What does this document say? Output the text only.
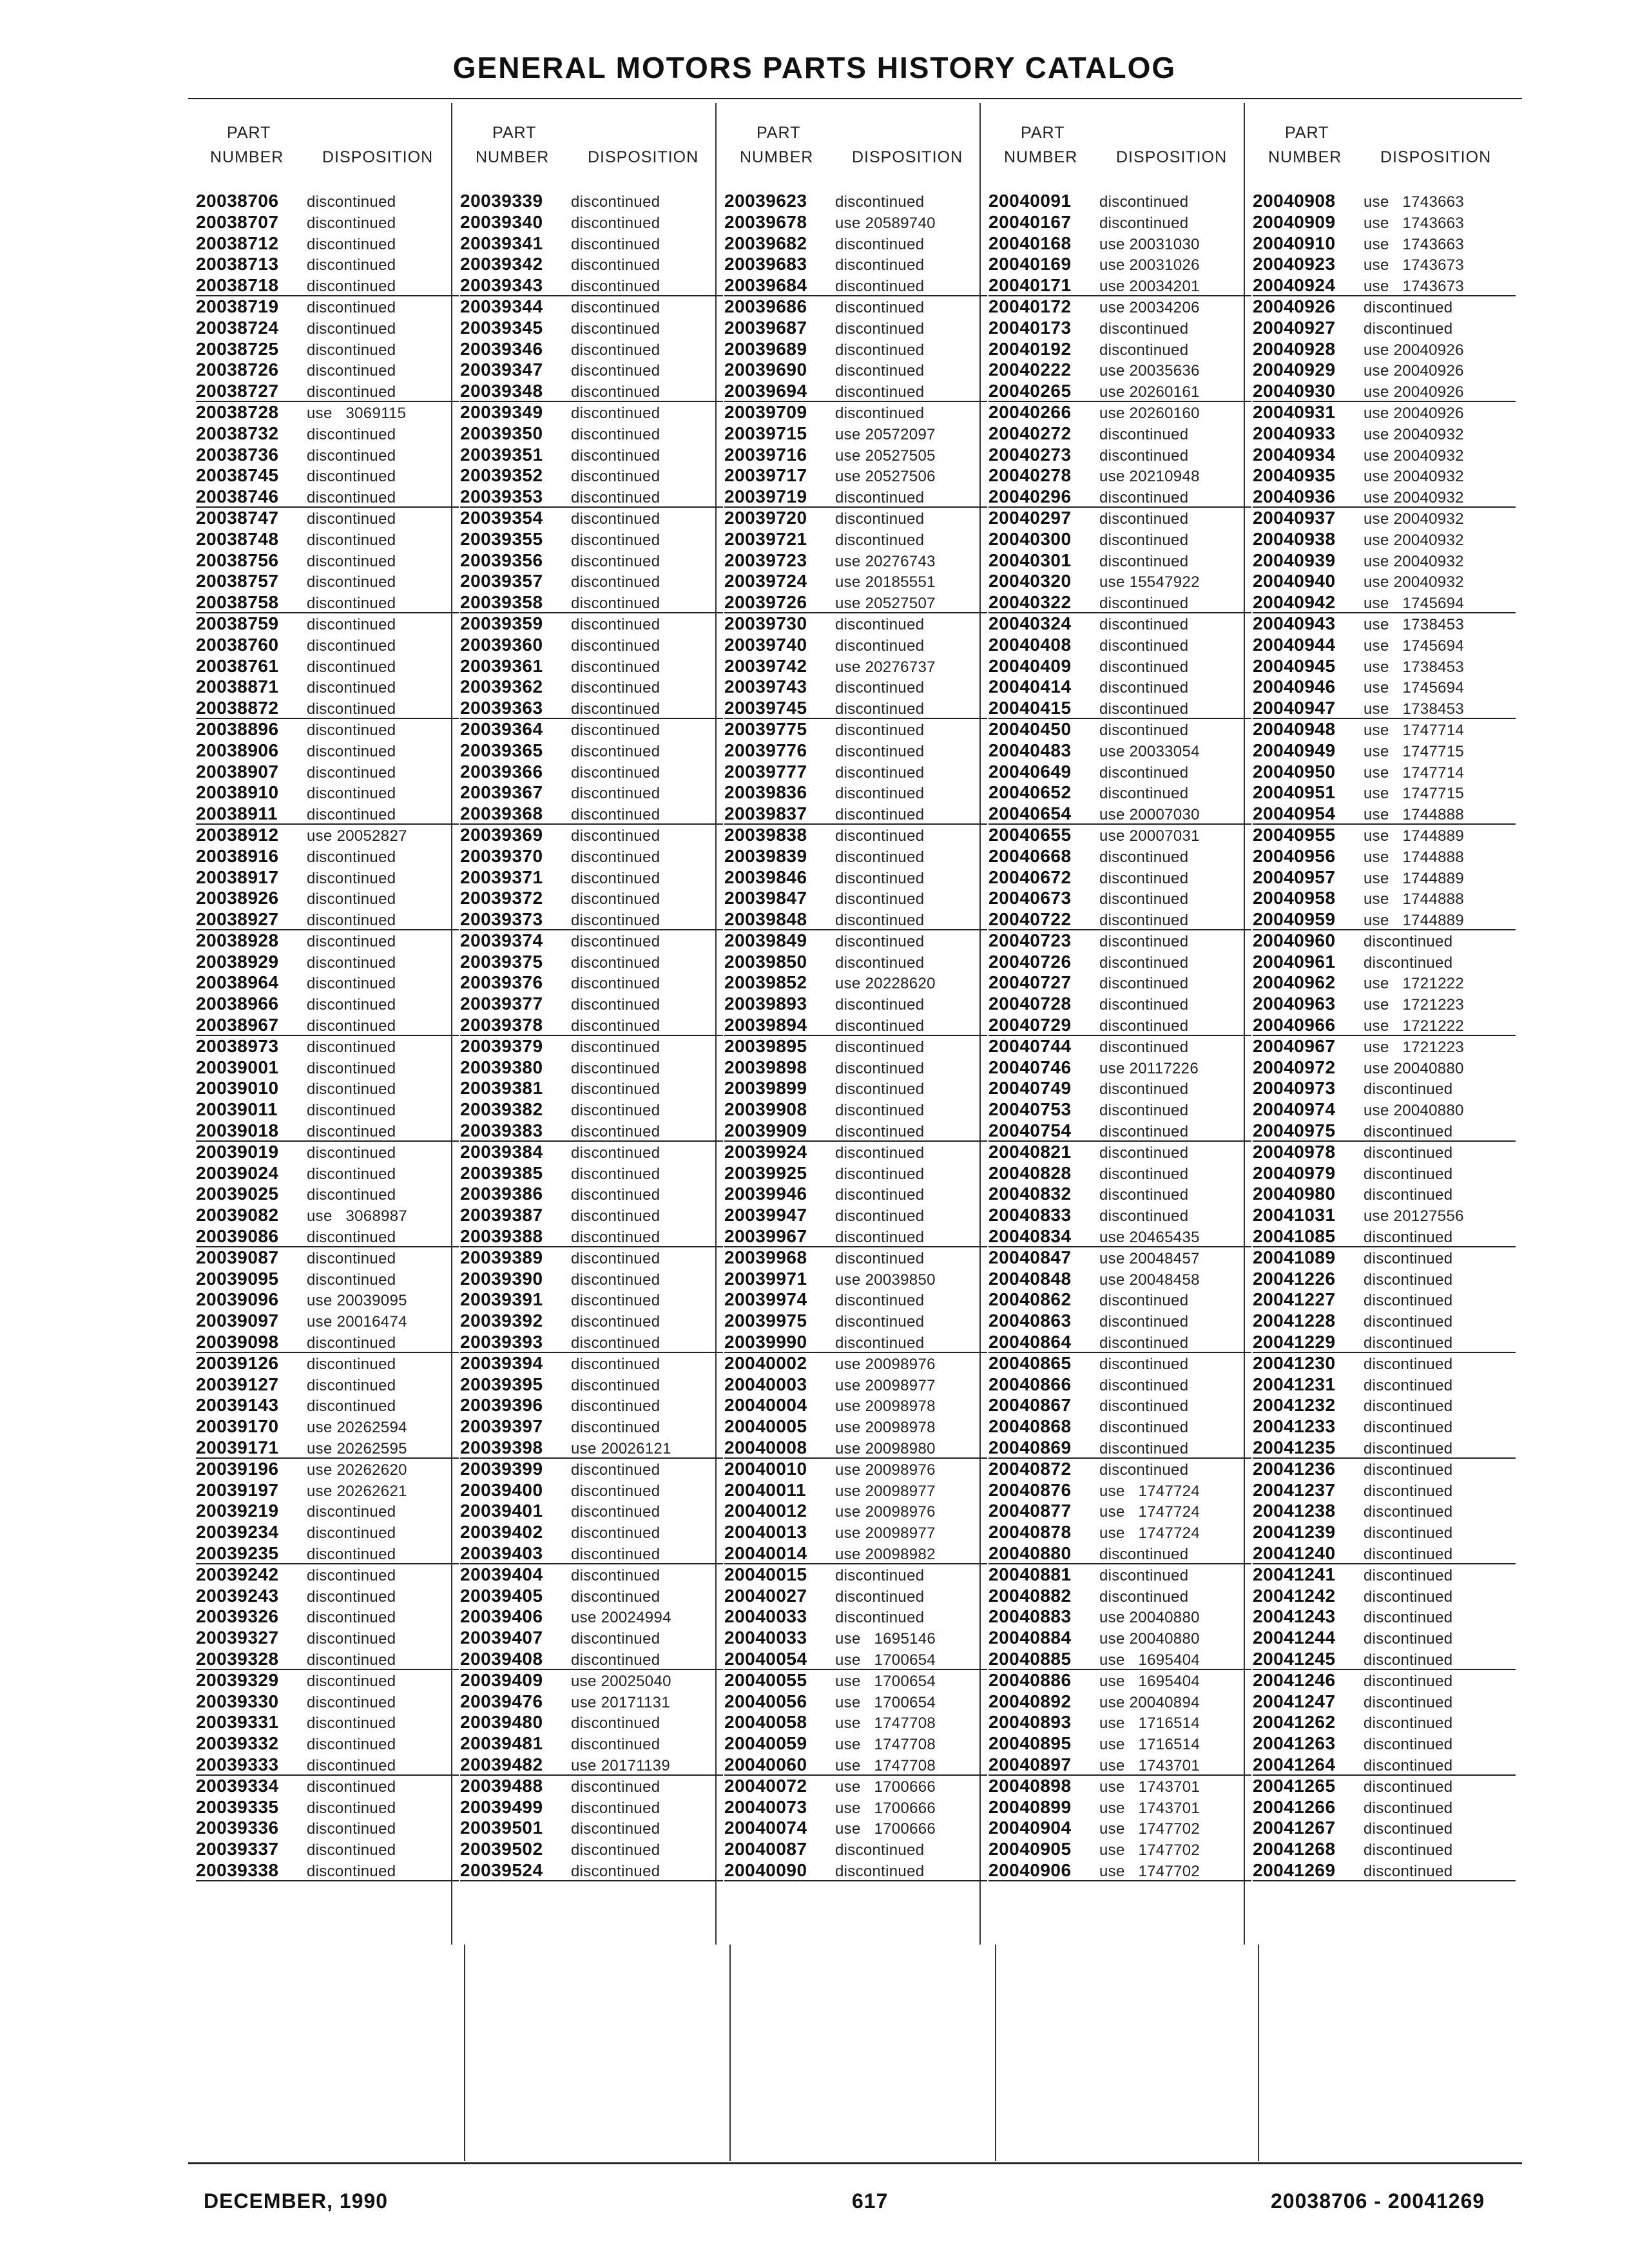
GENERAL MOTORS PARTS HISTORY CATALOG
PART
NUMBER DISPOSITION
PART
NUMBER DISPOSITION
PART
NUMBER DISPOSITION
PART
NUMBER DISPOSITION
PART
NUMBER DISPOSITION
20038706 discontinued
20038707 discontinued
20038712 discontinued
20038713 discontinued
20038718 discontinued
20038719 discontinued
20038724 discontinued
20038725 discontinued
20038726 discontinued
20038727 discontinued
20038728 use   3069115
20038732 discontinued
20038736 discontinued
20038745 discontinued
20038746 discontinued
20038747 discontinued
20038748 discontinued
20038756 discontinued
20038757 discontinued
20038758 discontinued
20038759 discontinued
20038760 discontinued
20038761 discontinued
20038871 discontinued
20038872 discontinued
20038896 discontinued
20038906 discontinued
20038907 discontinued
20038910 discontinued
20038911 discontinued
20038912 use 20052827
20038916 discontinued
20038917 discontinued
20038926 discontinued
20038927 discontinued
20038928 discontinued
20038929 discontinued
20038964 discontinued
20038966 discontinued
20038967 discontinued
20038973 discontinued
20039001 discontinued
20039010 discontinued
20039011 discontinued
20039018 discontinued
20039019 discontinued
20039024 discontinued
20039025 discontinued
20039082 use   3068987
20039086 discontinued
20039087 discontinued
20039095 discontinued
20039096 use 20039095
20039097 use 20016474
20039098 discontinued
20039126 discontinued
20039127 discontinued
20039143 discontinued
20039170 use 20262594
20039171 use 20262595
20039196 use 20262620
20039197 use 20262621
20039219 discontinued
20039234 discontinued
20039235 discontinued
20039242 discontinued
20039243 discontinued
20039326 discontinued
20039327 discontinued
20039328 discontinued
20039329 discontinued
20039330 discontinued
20039331 discontinued
20039332 discontinued
20039333 discontinued
20039334 discontinued
20039335 discontinued
20039336 discontinued
20039337 discontinued
20039338 discontinued
20039339 discontinued
20039340 discontinued
20039341 discontinued
20039342 discontinued
20039343 discontinued
20039344 discontinued
20039345 discontinued
20039346 discontinued
20039347 discontinued
20039348 discontinued
20039349 discontinued
20039350 discontinued
20039351 discontinued
20039352 discontinued
20039353 discontinued
20039354 discontinued
20039355 discontinued
20039356 discontinued
20039357 discontinued
20039358 discontinued
20039359 discontinued
20039360 discontinued
20039361 discontinued
20039362 discontinued
20039363 discontinued
20039364 discontinued
20039365 discontinued
20039366 discontinued
20039367 discontinued
20039368 discontinued
20039369 discontinued
20039370 discontinued
20039371 discontinued
20039372 discontinued
20039373 discontinued
20039374 discontinued
20039375 discontinued
20039376 discontinued
20039377 discontinued
20039378 discontinued
20039379 discontinued
20039380 discontinued
20039381 discontinued
20039382 discontinued
20039383 discontinued
20039384 discontinued
20039385 discontinued
20039386 discontinued
20039387 discontinued
20039388 discontinued
20039389 discontinued
20039390 discontinued
20039391 discontinued
20039392 discontinued
20039393 discontinued
20039394 discontinued
20039395 discontinued
20039396 discontinued
20039397 discontinued
20039398 use 20026121
20039399 discontinued
20039400 discontinued
20039401 discontinued
20039402 discontinued
20039403 discontinued
20039404 discontinued
20039405 discontinued
20039406 use 20024994
20039407 discontinued
20039408 discontinued
20039409 use 20025040
20039476 use 20171131
20039480 discontinued
20039481 discontinued
20039482 use 20171139
20039488 discontinued
20039499 discontinued
20039501 discontinued
20039502 discontinued
20039524 discontinued
20039623 discontinued
20039678 use 20589740
20039682 discontinued
20039683 discontinued
20039684 discontinued
20039686 discontinued
20039687 discontinued
20039689 discontinued
20039690 discontinued
20039694 discontinued
20039709 discontinued
20039715 use 20572097
20039716 use 20527505
20039717 use 20527506
20039719 discontinued
20039720 discontinued
20039721 discontinued
20039723 use 20276743
20039724 use 20185551
20039726 use 20527507
20039730 discontinued
20039740 discontinued
20039742 use 20276737
20039743 discontinued
20039745 discontinued
20039775 discontinued
20039776 discontinued
20039777 discontinued
20039836 discontinued
20039837 discontinued
20039838 discontinued
20039839 discontinued
20039846 discontinued
20039847 discontinued
20039848 discontinued
20039849 discontinued
20039850 discontinued
20039852 use 20228620
20039893 discontinued
20039894 discontinued
20039895 discontinued
20039898 discontinued
20039899 discontinued
20039908 discontinued
20039909 discontinued
20039924 discontinued
20039925 discontinued
20039946 discontinued
20039947 discontinued
20039967 discontinued
20039968 discontinued
20039971 use 20039850
20039974 discontinued
20039975 discontinued
20039990 discontinued
20040002 use 20098976
20040003 use 20098977
20040004 use 20098978
20040005 use 20098978
20040008 use 20098980
20040010 use 20098976
20040011 use 20098977
20040012 use 20098976
20040013 use 20098977
20040014 use 20098982
20040015 discontinued
20040027 discontinued
20040033 discontinued
20040033 use   1695146
20040054 use   1700654
20040055 use   1700654
20040056 use   1700654
20040058 use   1747708
20040059 use   1747708
20040060 use   1747708
20040072 use   1700666
20040073 use   1700666
20040074 use   1700666
20040087 discontinued
20040090 discontinued
20040091 discontinued
20040167 discontinued
20040168 use 20031030
20040169 use 20031026
20040171 use 20034201
20040172 use 20034206
20040173 discontinued
20040192 discontinued
20040222 use 20035636
20040265 use 20260161
20040266 use 20260160
20040272 discontinued
20040273 discontinued
20040278 use 20210948
20040296 discontinued
20040297 discontinued
20040300 discontinued
20040301 discontinued
20040320 use 15547922
20040322 discontinued
20040324 discontinued
20040408 discontinued
20040409 discontinued
20040414 discontinued
20040415 discontinued
20040450 discontinued
20040483 use 20033054
20040649 discontinued
20040652 discontinued
20040654 use 20007030
20040655 use 20007031
20040668 discontinued
20040672 discontinued
20040673 discontinued
20040722 discontinued
20040723 discontinued
20040726 discontinued
20040727 discontinued
20040728 discontinued
20040729 discontinued
20040744 discontinued
20040746 use 20117226
20040749 discontinued
20040753 discontinued
20040754 discontinued
20040821 discontinued
20040828 discontinued
20040832 discontinued
20040833 discontinued
20040834 use 20465435
20040847 use 20048457
20040848 use 20048458
20040862 discontinued
20040863 discontinued
20040864 discontinued
20040865 discontinued
20040866 discontinued
20040867 discontinued
20040868 discontinued
20040869 discontinued
20040872 discontinued
20040876 use   1747724
20040877 use   1747724
20040878 use   1747724
20040880 discontinued
20040881 discontinued
20040882 discontinued
20040883 use 20040880
20040884 use 20040880
20040885 use   1695404
20040886 use   1695404
20040892 use 20040894
20040893 use   1716514
20040895 use   1716514
20040897 use   1743701
20040898 use   1743701
20040899 use   1743701
20040904 use   1747702
20040905 use   1747702
20040906 use   1747702
20040908 use   1743663
20040909 use   1743663
20040910 use   1743663
20040923 use   1743673
20040924 use   1743673
20040926 discontinued
20040927 discontinued
20040928 use 20040926
20040929 use 20040926
20040930 use 20040926
20040931 use 20040926
20040933 use 20040932
20040934 use 20040932
20040935 use 20040932
20040936 use 20040932
20040937 use 20040932
20040938 use 20040932
20040939 use 20040932
20040940 use 20040932
20040942 use   1745694
20040943 use   1738453
20040944 use   1745694
20040945 use   1738453
20040946 use   1745694
20040947 use   1738453
20040948 use   1747714
20040949 use   1747715
20040950 use   1747714
20040951 use   1747715
20040954 use   1744888
20040955 use   1744889
20040956 use   1744888
20040957 use   1744889
20040958 use   1744888
20040959 use   1744889
20040960 discontinued
20040961 discontinued
20040962 use   1721222
20040963 use   1721223
20040966 use   1721222
20040967 use   1721223
20040972 use 20040880
20040973 discontinued
20040974 use 20040880
20040975 discontinued
20040978 discontinued
20040979 discontinued
20040980 discontinued
20041031 use 20127556
20041085 discontinued
20041089 discontinued
20041226 discontinued
20041227 discontinued
20041228 discontinued
20041229 discontinued
20041230 discontinued
20041231 discontinued
20041232 discontinued
20041233 discontinued
20041235 discontinued
20041236 discontinued
20041237 discontinued
20041238 discontinued
20041239 discontinued
20041240 discontinued
20041241 discontinued
20041242 discontinued
20041243 discontinued
20041244 discontinued
20041245 discontinued
20041246 discontinued
20041247 discontinued
20041262 discontinued
20041263 discontinued
20041264 discontinued
20041265 discontinued
20041266 discontinued
20041267 discontinued
20041268 discontinued
20041269 discontinued
DECEMBER, 1990	617	20038706 - 20041269
